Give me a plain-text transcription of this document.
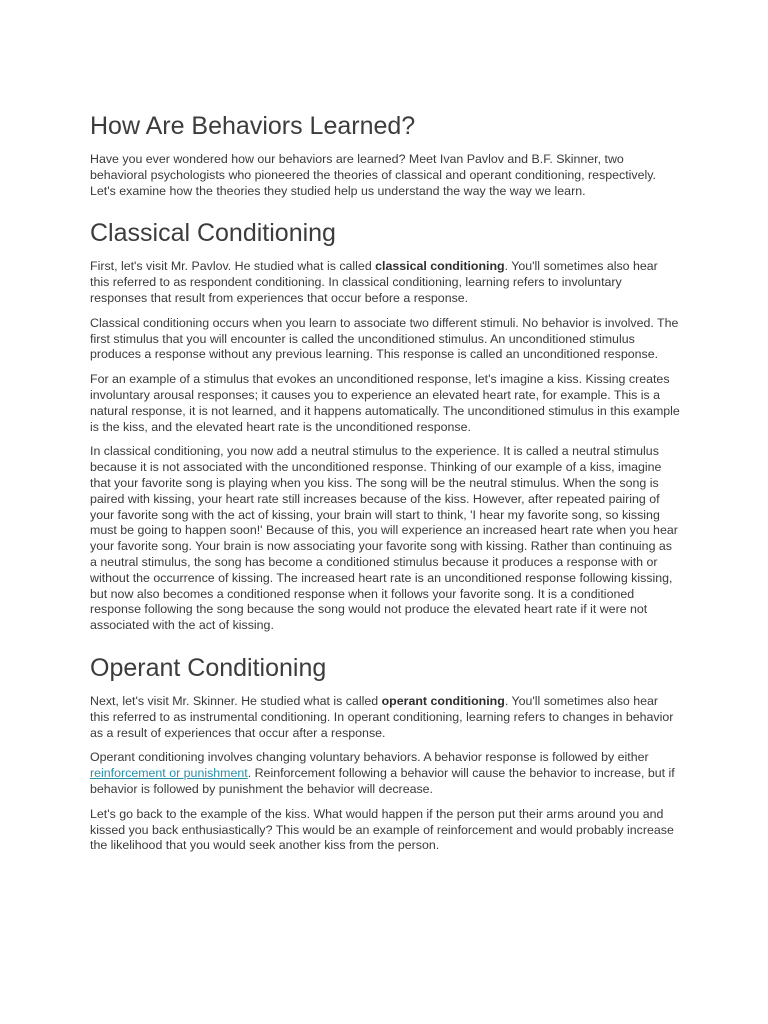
How Are Behaviors Learned?

Have you ever wondered how our behaviors are learned? Meet Ivan Pavlov and B.F. Skinner, two behavioral psychologists who pioneered the theories of classical and operant conditioning, respectively. Let's examine how the theories they studied help us understand the way the way we learn.

Classical Conditioning

First, let's visit Mr. Pavlov. He studied what is called classical conditioning. You'll sometimes also hear this referred to as respondent conditioning. In classical conditioning, learning refers to involuntary responses that result from experiences that occur before a response.

Classical conditioning occurs when you learn to associate two different stimuli. No behavior is involved. The first stimulus that you will encounter is called the unconditioned stimulus. An unconditioned stimulus produces a response without any previous learning. This response is called an unconditioned response.

For an example of a stimulus that evokes an unconditioned response, let's imagine a kiss. Kissing creates involuntary arousal responses; it causes you to experience an elevated heart rate, for example. This is a natural response, it is not learned, and it happens automatically. The unconditioned stimulus in this example is the kiss, and the elevated heart rate is the unconditioned response.

In classical conditioning, you now add a neutral stimulus to the experience. It is called a neutral stimulus because it is not associated with the unconditioned response. Thinking of our example of a kiss, imagine that your favorite song is playing when you kiss. The song will be the neutral stimulus. When the song is paired with kissing, your heart rate still increases because of the kiss. However, after repeated pairing of your favorite song with the act of kissing, your brain will start to think, 'I hear my favorite song, so kissing must be going to happen soon!' Because of this, you will experience an increased heart rate when you hear your favorite song. Your brain is now associating your favorite song with kissing. Rather than continuing as a neutral stimulus, the song has become a conditioned stimulus because it produces a response with or without the occurrence of kissing. The increased heart rate is an unconditioned response following kissing, but now also becomes a conditioned response when it follows your favorite song. It is a conditioned response following the song because the song would not produce the elevated heart rate if it were not associated with the act of kissing.

Operant Conditioning

Next, let's visit Mr. Skinner. He studied what is called operant conditioning. You'll sometimes also hear this referred to as instrumental conditioning. In operant conditioning, learning refers to changes in behavior as a result of experiences that occur after a response.

Operant conditioning involves changing voluntary behaviors. A behavior response is followed by either reinforcement or punishment. Reinforcement following a behavior will cause the behavior to increase, but if behavior is followed by punishment the behavior will decrease.

Let's go back to the example of the kiss. What would happen if the person put their arms around you and kissed you back enthusiastically? This would be an example of reinforcement and would probably increase the likelihood that you would seek another kiss from the person.
